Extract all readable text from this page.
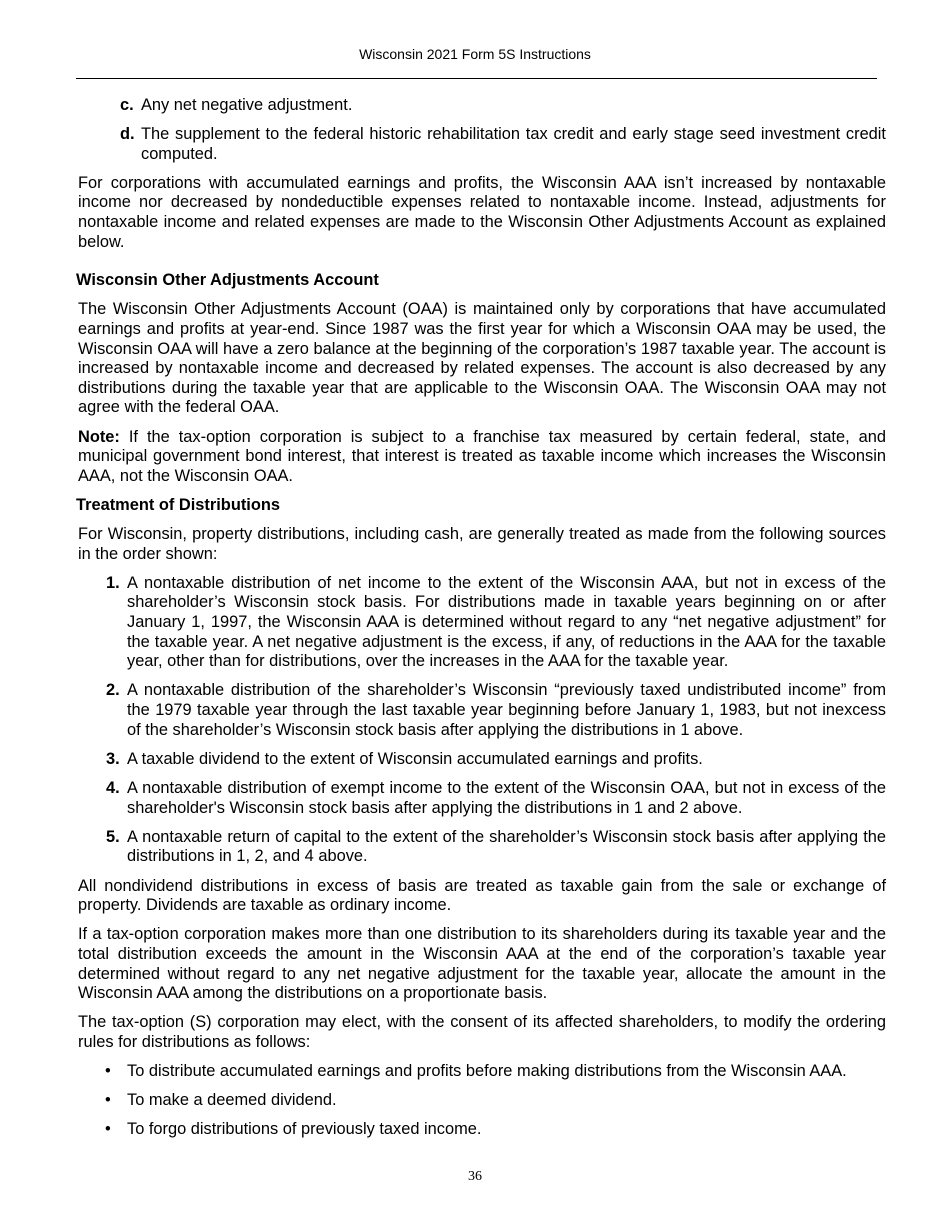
Wisconsin 2021 Form 5S Instructions
c. Any net negative adjustment.
d. The supplement to the federal historic rehabilitation tax credit and early stage seed investment credit computed.

For corporations with accumulated earnings and profits, the Wisconsin AAA isn’t increased by nontaxable income nor decreased by nondeductible expenses related to nontaxable income. Instead, adjustments for nontaxable income and related expenses are made to the Wisconsin Other Adjustments Account as explained below.

Wisconsin Other Adjustments Account

The Wisconsin Other Adjustments Account (OAA) is maintained only by corporations that have accumulated earnings and profits at year-end. Since 1987 was the first year for which a Wisconsin OAA may be used, the Wisconsin OAA will have a zero balance at the beginning of the corporation’s 1987 taxable year. The account is increased by nontaxable income and decreased by related expenses. The account is also decreased by any distributions during the taxable year that are applicable to the Wisconsin OAA. The Wisconsin OAA may not agree with the federal OAA.

Note: If the tax-option corporation is subject to a franchise tax measured by certain federal, state, and municipal government bond interest, that interest is treated as taxable income which increases the Wisconsin AAA, not the Wisconsin OAA.

Treatment of Distributions

For Wisconsin, property distributions, including cash, are generally treated as made from the following sources in the order shown:

1. A nontaxable distribution of net income to the extent of the Wisconsin AAA, but not in excess of the shareholder’s Wisconsin stock basis. For distributions made in taxable years beginning on or after January 1, 1997, the Wisconsin AAA is determined without regard to any “net negative adjustment” for the taxable year. A net negative adjustment is the excess, if any, of reductions in the AAA for the taxable year, other than for distributions, over the increases in the AAA for the taxable year.
2. A nontaxable distribution of the shareholder’s Wisconsin “previously taxed undistributed income” from the 1979 taxable year through the last taxable year beginning before January 1, 1983, but not inexcess of the shareholder’s Wisconsin stock basis after applying the distributions in 1 above.
3. A taxable dividend to the extent of Wisconsin accumulated earnings and profits.
4. A nontaxable distribution of exempt income to the extent of the Wisconsin OAA, but not in excess of the shareholder's Wisconsin stock basis after applying the distributions in 1 and 2 above.
5. A nontaxable return of capital to the extent of the shareholder’s Wisconsin stock basis after applying the distributions in 1, 2, and 4 above.

All nondividend distributions in excess of basis are treated as taxable gain from the sale or exchange of property. Dividends are taxable as ordinary income.

If a tax-option corporation makes more than one distribution to its shareholders during its taxable year and the total distribution exceeds the amount in the Wisconsin AAA at the end of the corporation’s taxable year determined without regard to any net negative adjustment for the taxable year, allocate the amount in the Wisconsin AAA among the distributions on a proportionate basis.

The tax-option (S) corporation may elect, with the consent of its affected shareholders, to modify the ordering rules for distributions as follows:

• To distribute accumulated earnings and profits before making distributions from the Wisconsin AAA.
• To make a deemed dividend.
• To forgo distributions of previously taxed income.
36
